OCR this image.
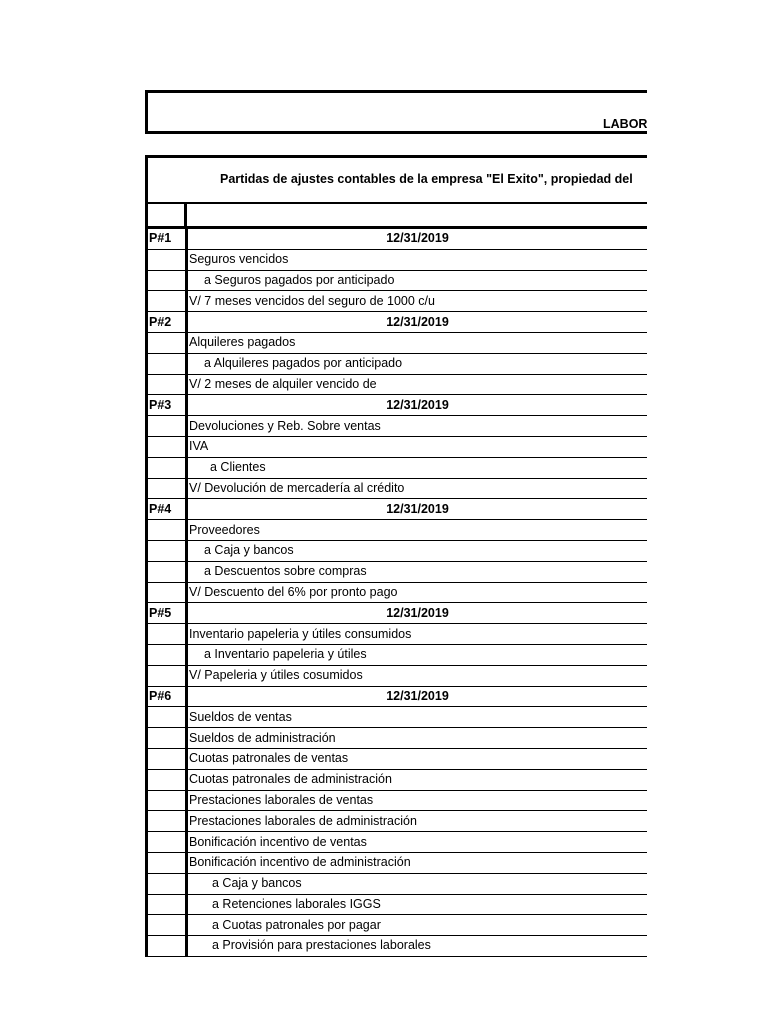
LABOR
Partidas de ajustes contables de la empresa "El Exito", propiedad del
P#1	12/31/2019
	Seguros vencidos
	a Seguros pagados por anticipado
	V/ 7 meses vencidos del seguro de 1000 c/u
P#2	12/31/2019
	Alquileres pagados
	a Alquileres pagados por anticipado
	V/ 2 meses de alquiler vencido de
P#3	12/31/2019
	Devoluciones y Reb. Sobre ventas
	IVA
	a Clientes
	V/ Devolución de mercadería al crédito
P#4	12/31/2019
	Proveedores
	a Caja y bancos
	a Descuentos sobre compras
	V/ Descuento del 6% por pronto pago
P#5	12/31/2019
	Inventario papeleria y útiles consumidos
	a Inventario papeleria y útiles
	V/ Papeleria y útiles cosumidos
P#6	12/31/2019
	Sueldos de ventas
	Sueldos de administración
	Cuotas patronales de ventas
	Cuotas patronales de administración
	Prestaciones laborales de ventas
	Prestaciones laborales de administración
	Bonificación incentivo de ventas
	Bonificación incentivo de administración
	a Caja y bancos
	a Retenciones laborales IGGS
	a Cuotas patronales por pagar
	a Provisión para prestaciones laborales
